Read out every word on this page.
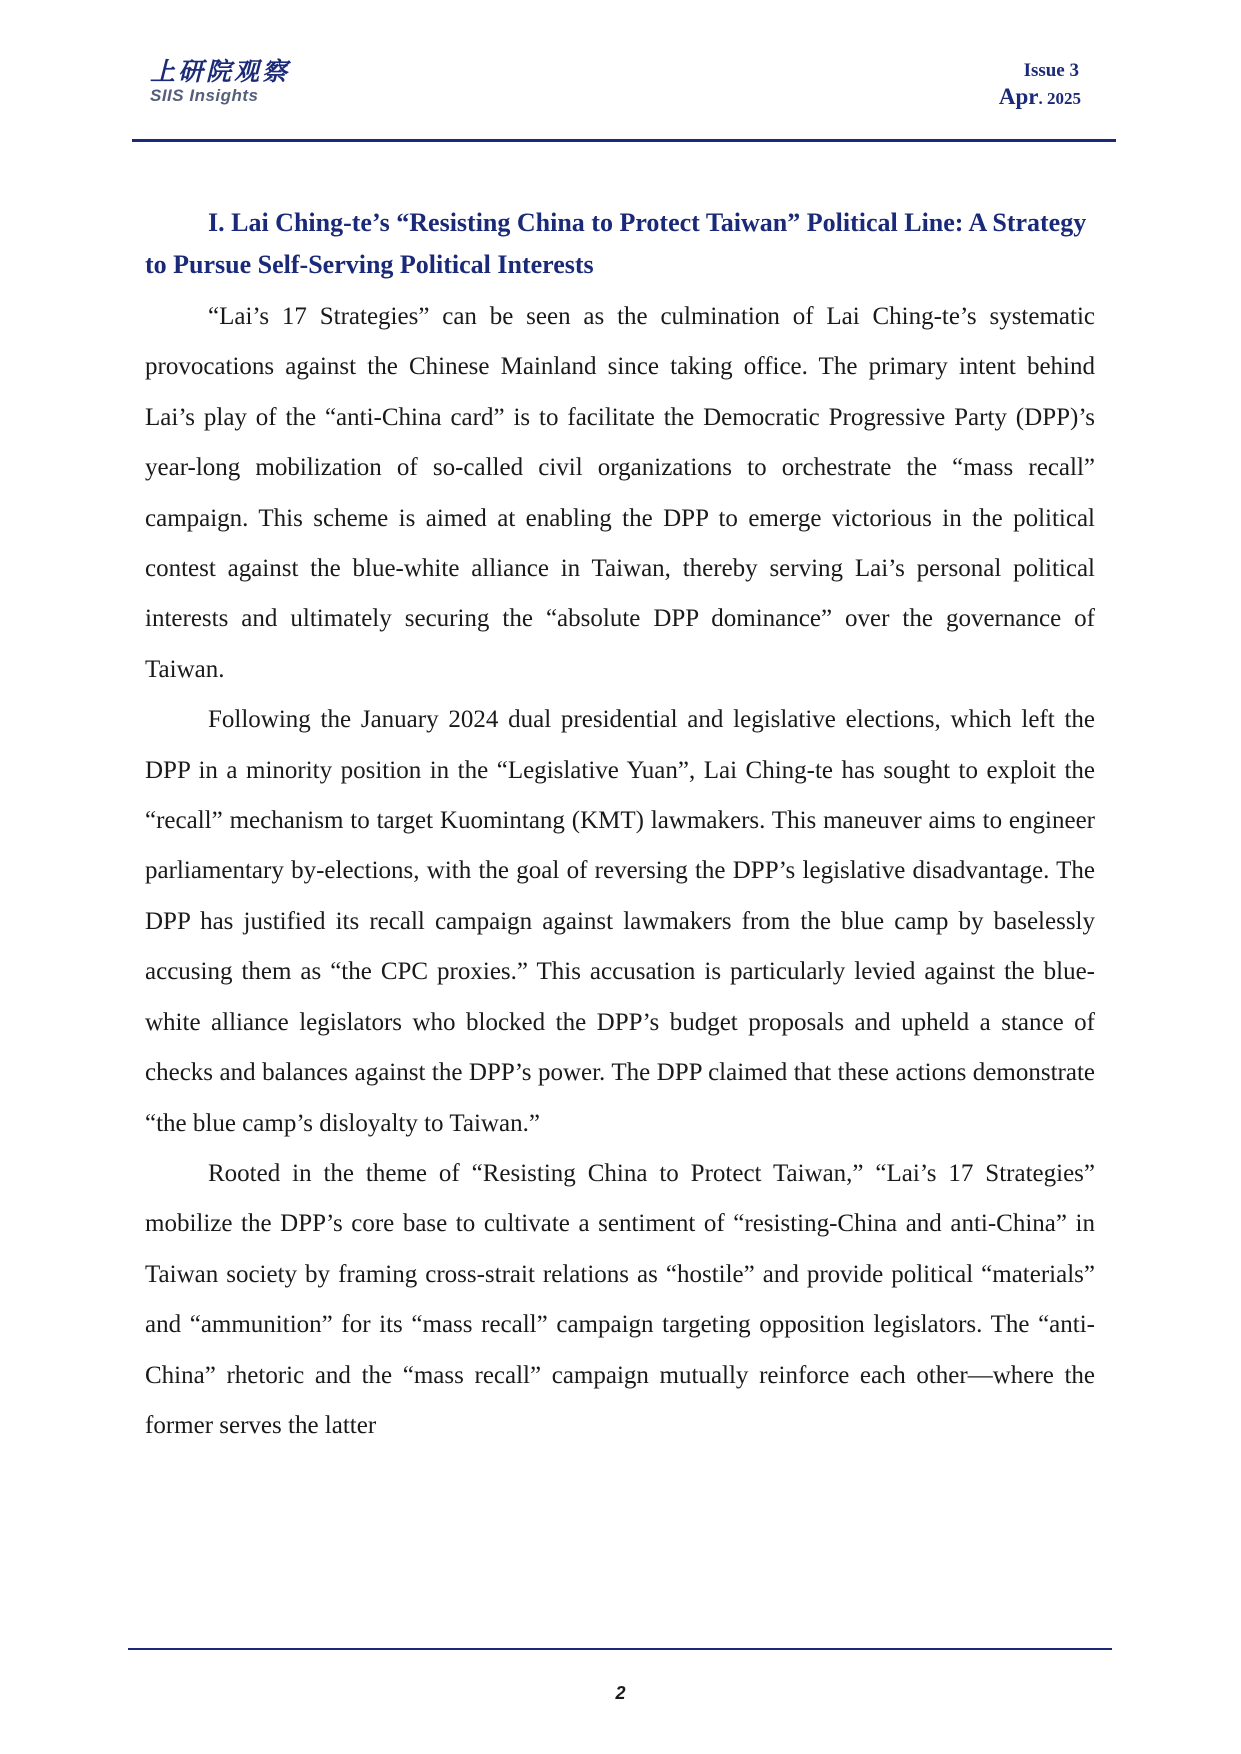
上研院观察
SIIS Insights
Issue 3
Apr. 2025
I. Lai Ching-te’s “Resisting China to Protect Taiwan” Political Line: A Strategy to Pursue Self-Serving Political Interests

“Lai’s 17 Strategies” can be seen as the culmination of Lai Ching-te’s systematic provocations against the Chinese Mainland since taking office. The primary intent behind Lai’s play of the “anti-China card” is to facilitate the Democratic Progressive Party (DPP)’s year-long mobilization of so-called civil organizations to orchestrate the “mass recall” campaign. This scheme is aimed at enabling the DPP to emerge victorious in the political contest against the blue-white alliance in Taiwan, thereby serving Lai’s personal political interests and ultimately securing the “absolute DPP dominance” over the governance of Taiwan.

Following the January 2024 dual presidential and legislative elections, which left the DPP in a minority position in the “Legislative Yuan”, Lai Ching-te has sought to exploit the “recall” mechanism to target Kuomintang (KMT) lawmakers. This maneuver aims to engineer parliamentary by-elections, with the goal of reversing the DPP’s legislative disadvantage. The DPP has justified its recall campaign against lawmakers from the blue camp by baselessly accusing them as “the CPC proxies.” This accusation is particularly levied against the blue-white alliance legislators who blocked the DPP’s budget proposals and upheld a stance of checks and balances against the DPP’s power. The DPP claimed that these actions demonstrate “the blue camp’s disloyalty to Taiwan.”

Rooted in the theme of “Resisting China to Protect Taiwan,” “Lai’s 17 Strategies” mobilize the DPP’s core base to cultivate a sentiment of “resisting-China and anti-China” in Taiwan society by framing cross-strait relations as “hostile” and provide political “materials” and “ammunition” for its “mass recall” campaign targeting opposition legislators. The “anti-China” rhetoric and the “mass recall” campaign mutually reinforce each other—where the former serves the latter

2
